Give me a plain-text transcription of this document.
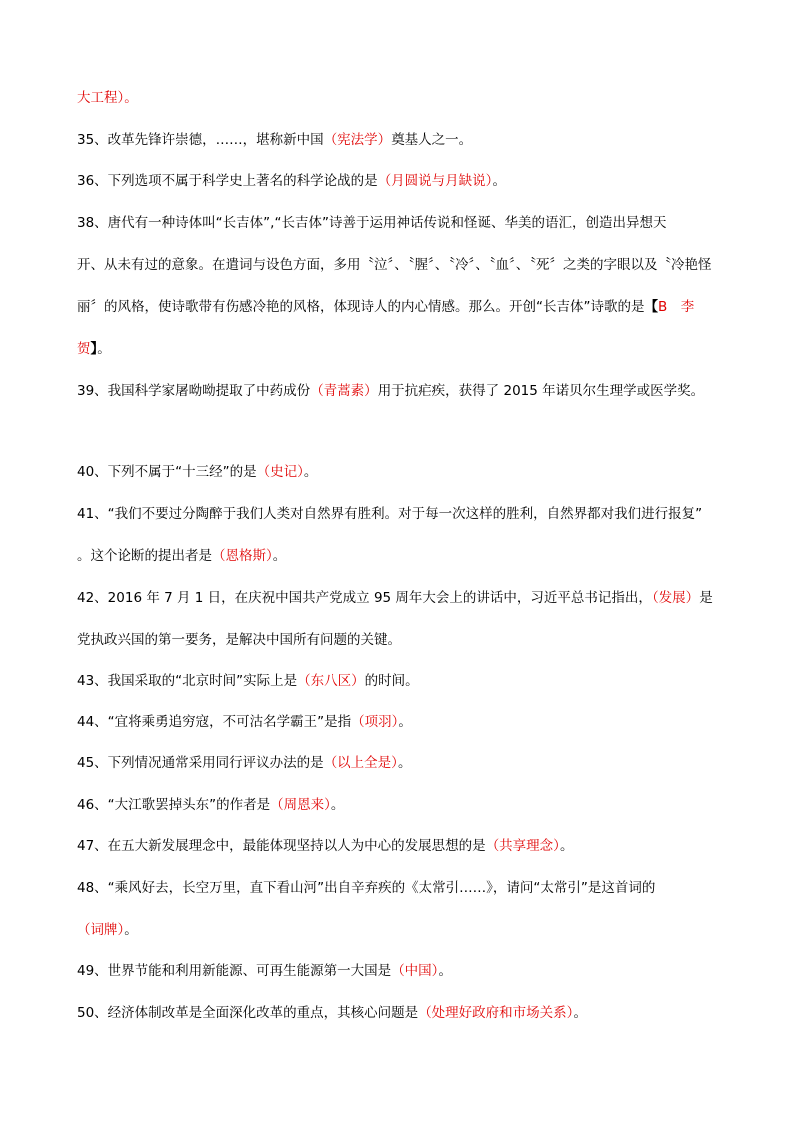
大工程）。
35、改革先锋许崇德，……，堪称新中国（宪法学）奠基人之一。
36、下列选项不属于科学史上著名的科学论战的是（月圆说与月缺说）。
38、唐代有一种诗体叫“长吉体”,“长吉体”诗善于运用神话传说和怪诞、华美的语汇，创造出异想天
开、从未有过的意象。在遣词与设色方面，多用〝泣〞、〝腥〞、〝冷〞、〝血〞、〝死〞之类的字眼以及〝冷艳怪
丽〞的风格，使诗歌带有伤感冷艳的风格，体现诗人的内心情感。那么。开创“长吉体”诗歌的是【B　李
贺】。
39、我国科学家屠呦呦提取了中药成份（青蒿素）用于抗疟疾，获得了 2015 年诺贝尔生理学或医学奖。
40、下列不属于“十三经”的是（史记）。
41、“我们不要过分陶醉于我们人类对自然界有胜利。对于每一次这样的胜利，自然界都对我们进行报复”
。这个论断的提出者是（恩格斯）。
42、2016 年 7 月 1 日，在庆祝中国共产党成立 95 周年大会上的讲话中，习近平总书记指出，（发展）是
党执政兴国的第一要务，是解决中国所有问题的关键。
43、我国采取的“北京时间”实际上是（东八区）的时间。
44、“宜将乘勇追穷寇，不可沽名学霸王”是指（项羽）。
45、下列情况通常采用同行评议办法的是（以上全是）。
46、“大江歌罢掉头东”的作者是（周恩来）。
47、在五大新发展理念中，最能体现坚持以人为中心的发展思想的是（共享理念）。
48、“乘风好去，长空万里，直下看山河”出自辛弃疾的《太常引……》，请问“太常引”是这首词的
（词牌）。
49、世界节能和利用新能源、可再生能源第一大国是（中国）。
50、经济体制改革是全面深化改革的重点，其核心问题是（处理好政府和市场关系）。
